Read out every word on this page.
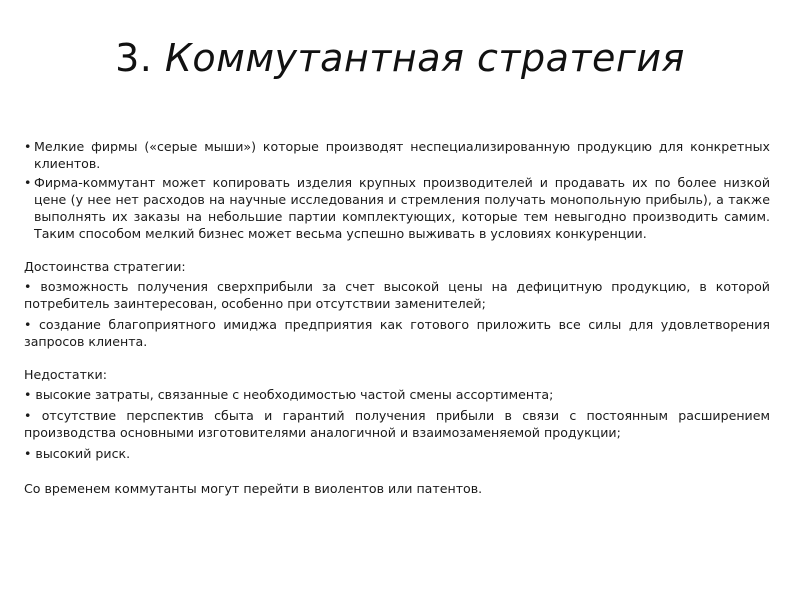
3. Коммутантная стратегия
• Мелкие фирмы («серые мыши») которые производят неспециализированную продукцию для конкретных клиентов.
• Фирма-коммутант может копировать изделия крупных производителей и продавать их по более низкой цене (у нее нет расходов на научные исследования и стремления получать монопольную прибыль), а также выполнять их заказы на небольшие партии комплектующих, которые тем невыгодно производить самим. Таким способом мелкий бизнес может весьма успешно выживать в условиях конкуренции.

Достоинства стратегии:

• возможность получения сверхприбыли за счет высокой цены на дефицитную продукцию, в которой потребитель заинтересован, особенно при отсутствии заменителей;

• создание благоприятного имиджа предприятия как готового приложить все силы для удовлетворения запросов клиента.

Недостатки:

• высокие затраты, связанные с необходимостью частой смены ассортимента;

• отсутствие перспектив сбыта и гарантий получения прибыли в связи с постоянным расширением производства основными изготовителями аналогичной и взаимозаменяемой продукции;

• высокий риск.

Со временем коммутанты могут перейти в виолентов или патентов.
